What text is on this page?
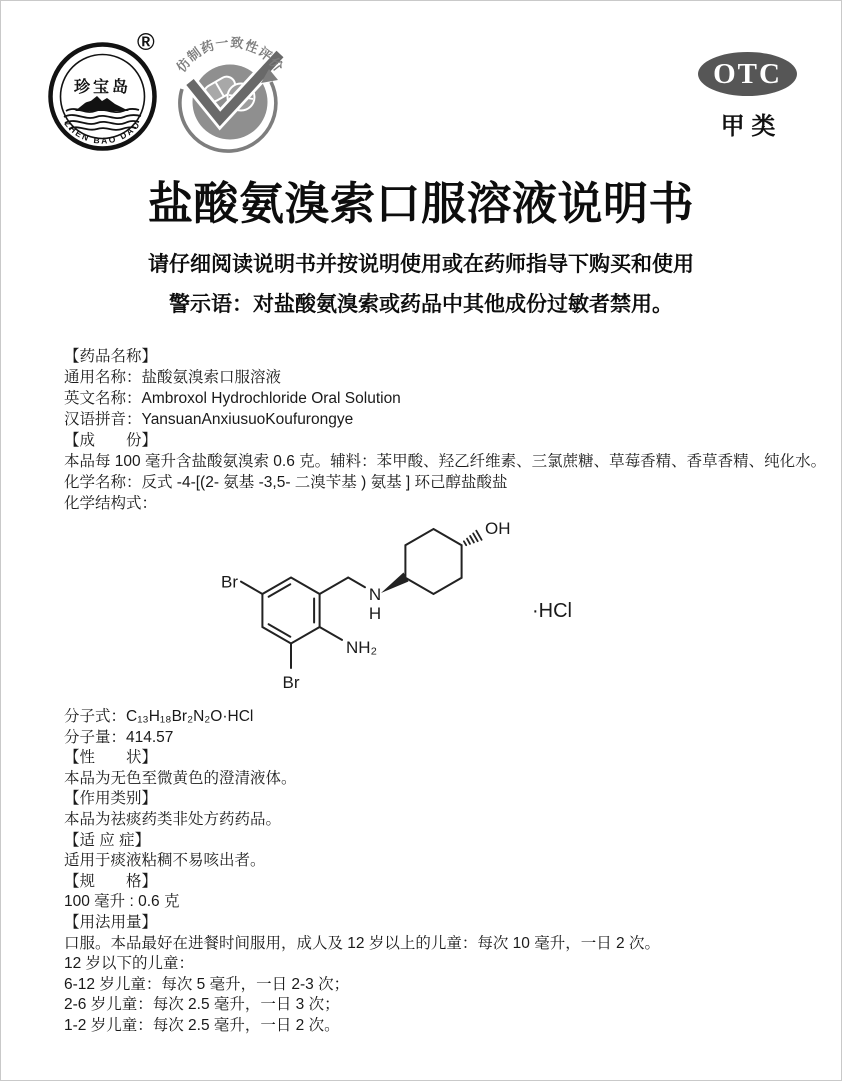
珍宝岛
ZHEN BAO DAO
®
仿制药一致性评价	OTC
甲 类
盐酸氨溴索口服溶液说明书
请仔细阅读说明书并按说明使用或在药师指导下购买和使用
警示语：对盐酸氨溴索或药品中其他成份过敏者禁用。
【药品名称】
通用名称：盐酸氨溴索口服溶液
英文名称：Ambroxol Hydrochloride Oral Solution
汉语拼音：YansuanAnxiusuoKoufurongye
【成　　份】
本品每 100 毫升含盐酸氨溴索 0.6 克。辅料：苯甲酸、羟乙纤维素、三氯蔗糖、草莓香精、香草香精、纯化水。
化学名称：反式 -4-[(2- 氨基 -3,5- 二溴苄基 ) 氨基 ] 环己醇盐酸盐
化学结构式：
Br
Br
NH₂
N
H
OH
·HCl
分子式：C₁₃H₁₈Br₂N₂O·HCl
分子量：414.57
【性　　状】
本品为无色至微黄色的澄清液体。
【作用类别】
本品为祛痰药类非处方药药品。
【适 应 症】
适用于痰液粘稠不易咳出者。
【规　　格】
100 毫升 : 0.6 克
【用法用量】
口服。本品最好在进餐时间服用，成人及 12 岁以上的儿童：每次 10 毫升，一日 2 次。
12 岁以下的儿童：
6-12 岁儿童：每次 5 毫升，一日 2-3 次；
2-6 岁儿童：每次 2.5 毫升，一日 3 次；
1-2 岁儿童：每次 2.5 毫升，一日 2 次。
